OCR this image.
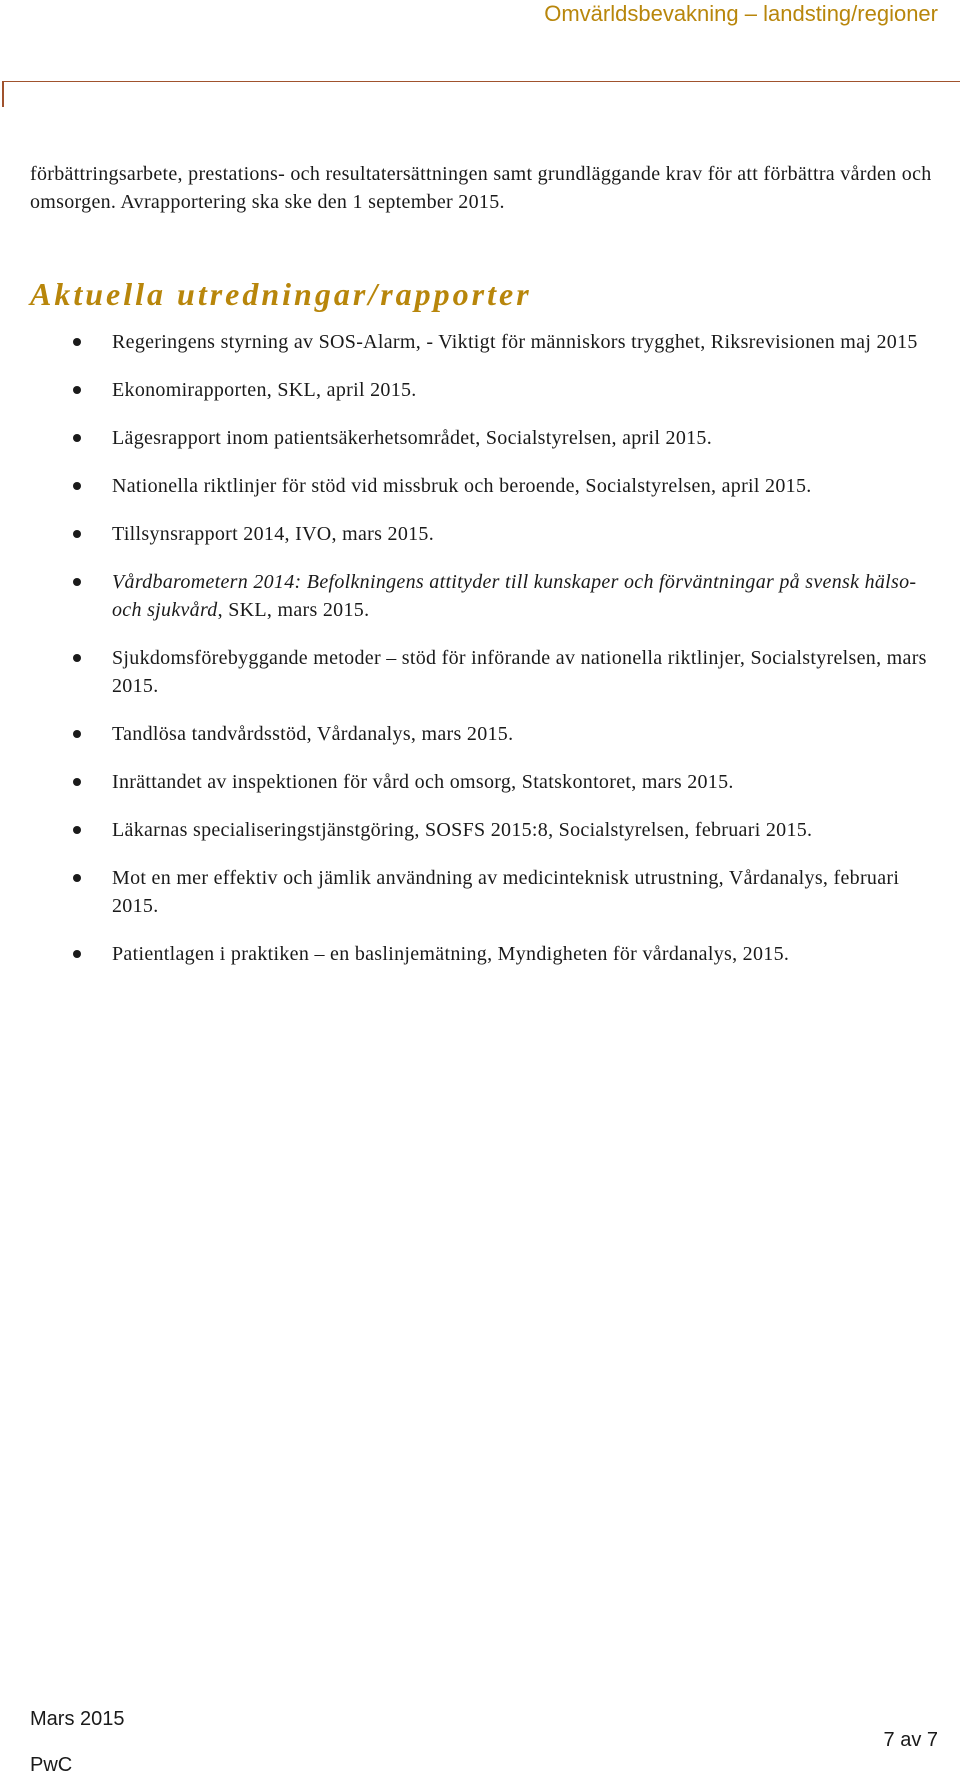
Omvärldsbevakning – landsting/regioner

förbättringsarbete, prestations- och resultatersättningen samt grundläggande krav för att förbättra vården och omsorgen. Avrapportering ska ske den 1 september 2015.

Aktuella utredningar/rapporter
Regeringens styrning av SOS-Alarm, - Viktigt för människors trygghet, Riksrevisionen maj 2015
Ekonomirapporten, SKL, april 2015.
Lägesrapport inom patientsäkerhetsområdet, Socialstyrelsen, april 2015.
Nationella riktlinjer för stöd vid missbruk och beroende, Socialstyrelsen, april 2015.
Tillsynsrapport 2014, IVO, mars 2015.
Vårdbarometern 2014: Befolkningens attityder till kunskaper och förväntningar på svensk hälso- och sjukvård, SKL, mars 2015.
Sjukdomsförebyggande metoder – stöd för införande av nationella riktlinjer, Socialstyrelsen, mars 2015.
Tandlösa tandvårdsstöd, Vårdanalys, mars 2015.
Inrättandet av inspektionen för vård och omsorg, Statskontoret, mars 2015.
Läkarnas specialiseringstjänstgöring, SOSFS 2015:8, Socialstyrelsen, februari 2015.
Mot en mer effektiv och jämlik användning av medicinteknisk utrustning, Vårdanalys, februari 2015.
Patientlagen i praktiken – en baslinjemätning, Myndigheten för vårdanalys, 2015.
Mars 2015
PwC
7 av 7
